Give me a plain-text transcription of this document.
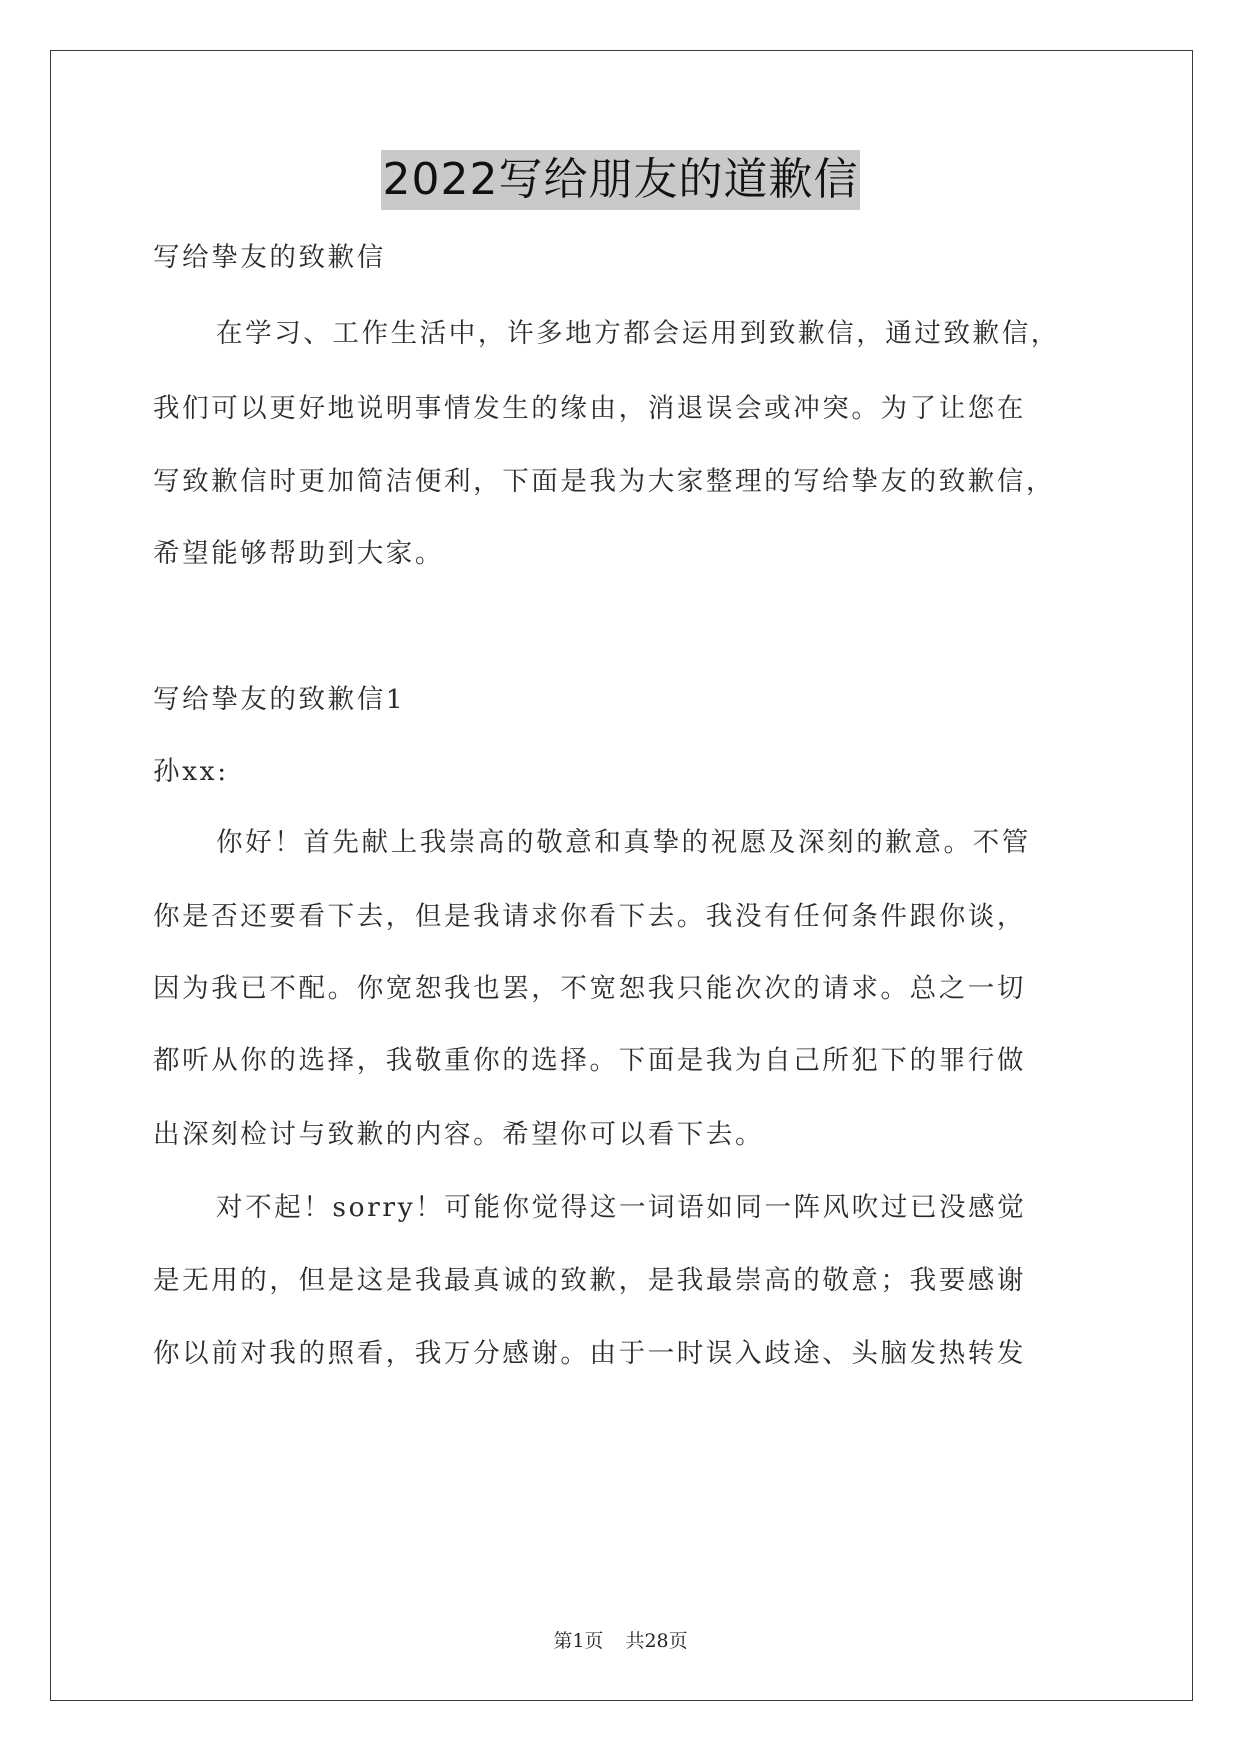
2022写给朋友的道歉信
写给挚友的致歉信
在学习、工作生活中，许多地方都会运用到致歉信，通过致歉信，
我们可以更好地说明事情发生的缘由，消退误会或冲突。为了让您在
写致歉信时更加简洁便利，下面是我为大家整理的写给挚友的致歉信，
希望能够帮助到大家。
写给挚友的致歉信1
孙xx:
你好！首先献上我崇高的敬意和真挚的祝愿及深刻的歉意。不管
你是否还要看下去，但是我请求你看下去。我没有任何条件跟你谈，
因为我已不配。你宽恕我也罢，不宽恕我只能次次的请求。总之一切
都听从你的选择，我敬重你的选择。下面是我为自己所犯下的罪行做
出深刻检讨与致歉的内容。希望你可以看下去。
对不起！sorry！可能你觉得这一词语如同一阵风吹过已没感觉
是无用的，但是这是我最真诚的致歉，是我最崇高的敬意；我要感谢
你以前对我的照看，我万分感谢。由于一时误入歧途、头脑发热转发
第1页 共28页
